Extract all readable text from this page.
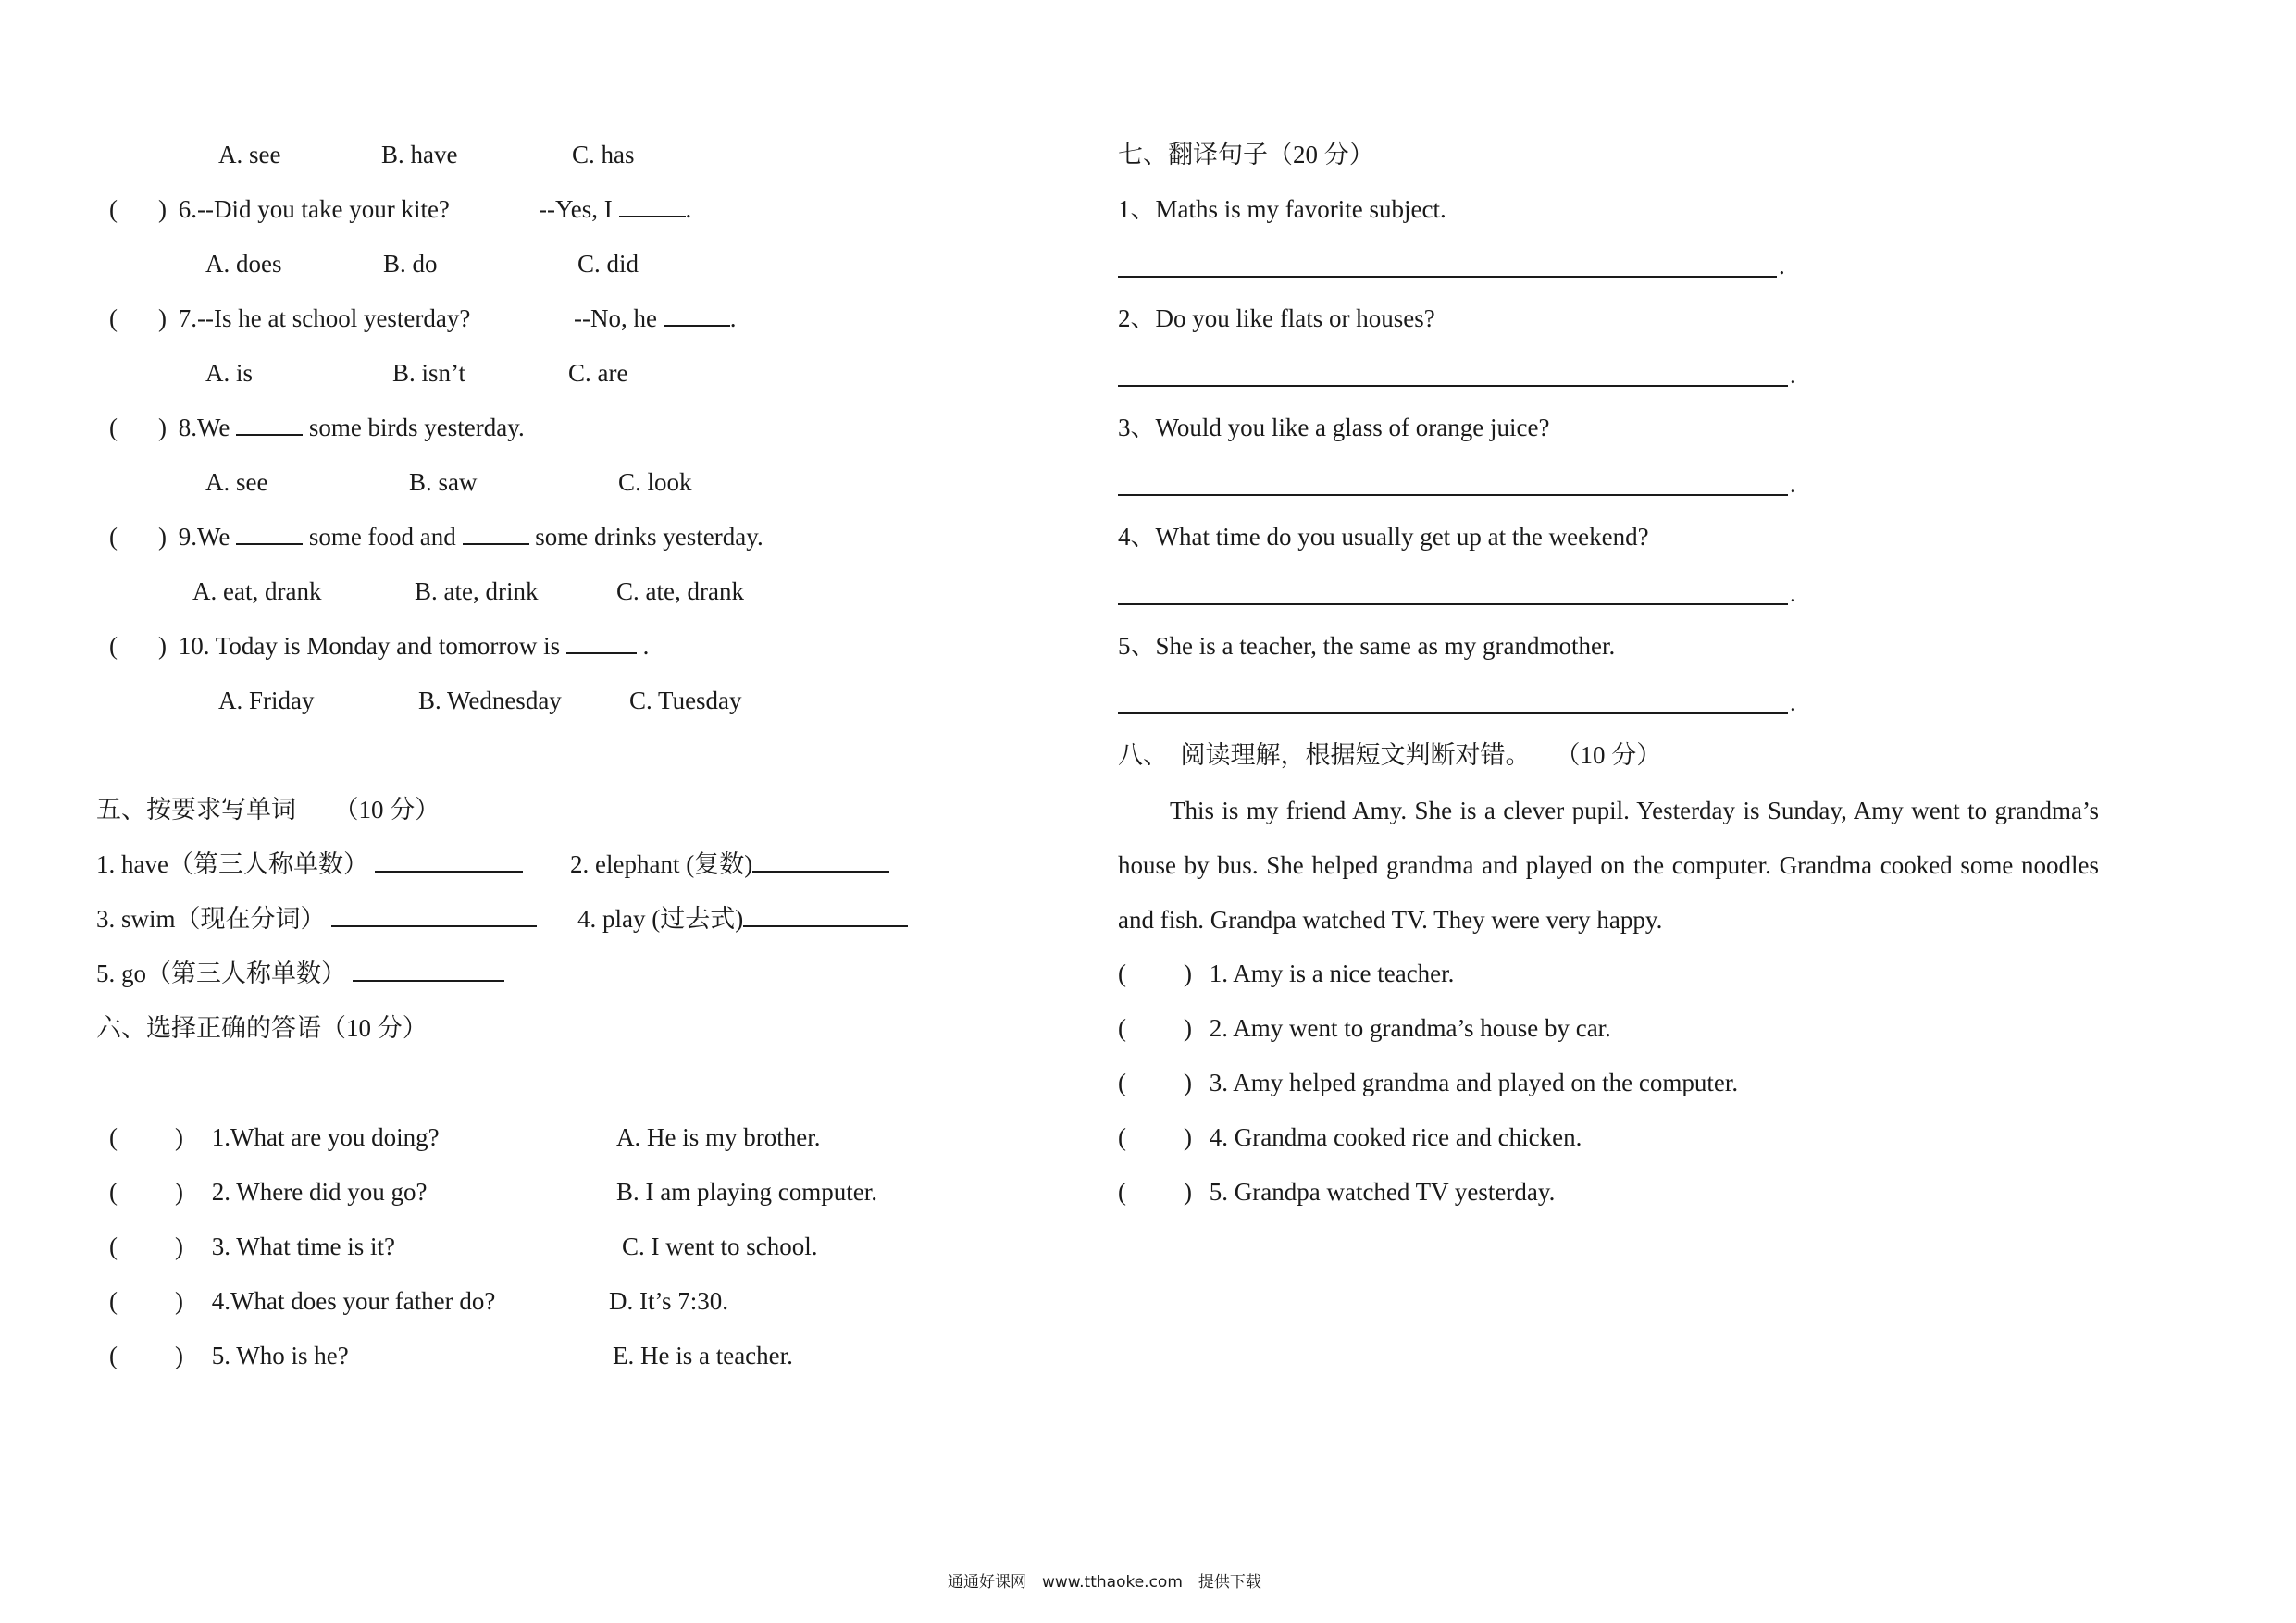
A. see	B. have	C. has
( ) 6.--Did you take your kite?	--Yes, I	.
A. does	B. do	C. did
( ) 7.--Is he at school yesterday?	--No, he	.
A. is	B. isn’t	C. are
( ) 8.We	some birds yesterday.
A. see	B. saw	C. look
( ) 9.We	some food and	some drinks yesterday.
A. eat, drank	B. ate, drink	C. ate, drank
( ) 10. Today is Monday and tomorrow is	.
A. Friday	B. Wednesday	C. Tuesday
五、按要求写单词　　（10 分）
1. have（第三人称单数）	2. elephant (复数)
3. swim（现在分词）	4. play (过去式)
5. go（第三人称单数）
六、选择正确的答语（10 分）
( ) 1.What are you doing?	A. He is my brother.
( ) 2. Where did you go?	B. I am playing computer.
( ) 3. What time is it?	C. I went to school.
( ) 4.What does your father do?	D. It’s 7:30.
( ) 5. Who is he?	E. He is a teacher.
七、翻译句子（20 分）
1、Maths is my favorite subject.
.
2、Do you like flats or houses?
.
3、Would you like a glass of orange juice?
.
4、What time do you usually get up at the weekend?
.
5、She is a teacher, the same as my grandmother.
.
八、　阅读理解，根据短文判断对错。　　（10 分）

This is my friend Amy. She is a clever pupil. Yesterday is Sunday, Amy went to grandma’s house by bus. She helped grandma and played on the computer. Grandma cooked some noodles and fish. Grandpa watched TV. They were very happy.

( ) 1. Amy is a nice teacher.
( ) 2. Amy went to grandma’s house by car.
( ) 3. Amy helped grandma and played on the computer.
( ) 4. Grandma cooked rice and chicken.
( ) 5. Grandpa watched TV yesterday.
通通好课网　www.tthaoke.com　提供下载
